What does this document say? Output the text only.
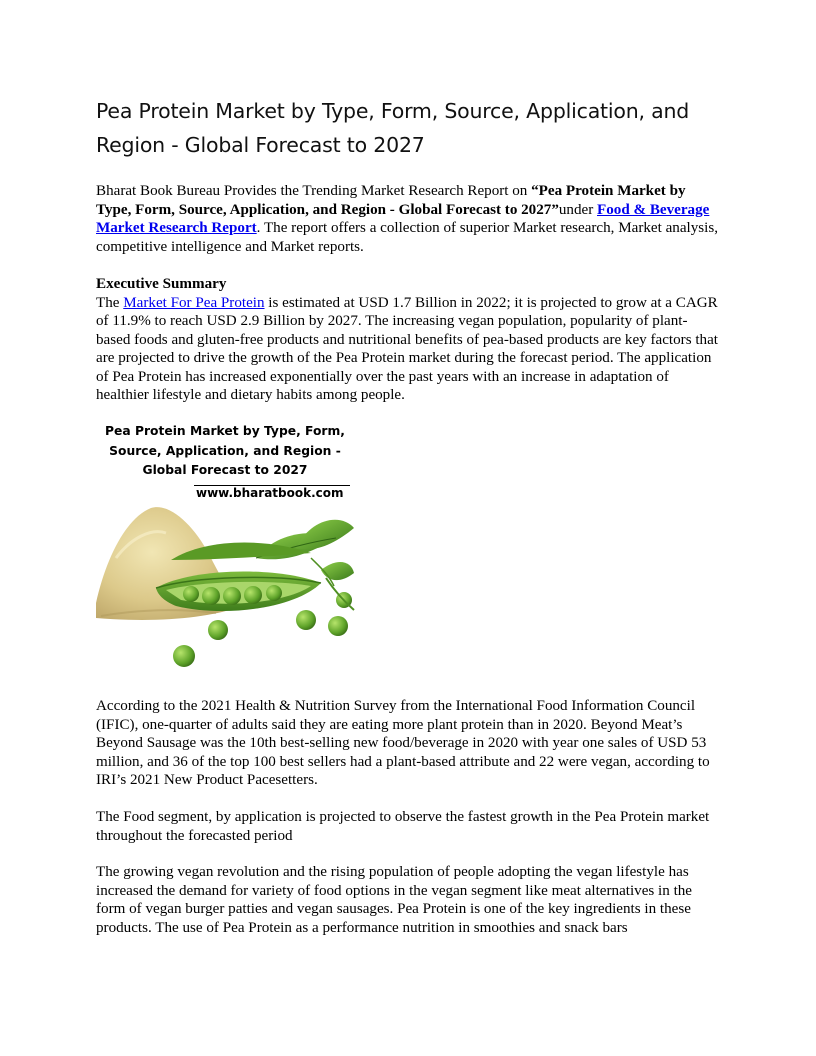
Pea Protein Market by Type, Form, Source, Application, and
Region - Global Forecast to 2027

Bharat Book Bureau Provides the Trending Market Research Report on “Pea Protein Market by Type, Form, Source, Application, and Region - Global Forecast to 2027”under Food & Beverage Market Research Report. The report offers a collection of superior Market research, Market analysis, competitive intelligence and Market reports.

Executive Summary
The Market For Pea Protein is estimated at USD 1.7 Billion in 2022; it is projected to grow at a CAGR of 11.9% to reach USD 2.9 Billion by 2027. The increasing vegan population, popularity of plant-based foods and gluten-free products and nutritional benefits of pea-based products are key factors that are projected to drive the growth of the Pea Protein market during the forecast period. The application of Pea Protein has increased exponentially over the past years with an increase in adaptation of healthier lifestyle and dietary habits among people.

Pea Protein Market by Type, Form,
Source, Application, and Region -
Global Forecast to 2027
www.bharatbook.com

According to the 2021 Health & Nutrition Survey from the International Food Information Council (IFIC), one-quarter of adults said they are eating more plant protein than in 2020. Beyond Meat’s Beyond Sausage was the 10th best-selling new food/beverage in 2020 with year one sales of USD 53 million, and 36 of the top 100 best sellers had a plant-based attribute and 22 were vegan, according to IRI’s 2021 New Product Pacesetters.

The Food segment, by application is projected to observe the fastest growth in the Pea Protein market throughout the forecasted period

The growing vegan revolution and the rising population of people adopting the vegan lifestyle has increased the demand for variety of food options in the vegan segment like meat alternatives in the form of vegan burger patties and vegan sausages. Pea Protein is one of the key ingredients in these products. The use of Pea Protein as a performance nutrition in smoothies and snack bars
